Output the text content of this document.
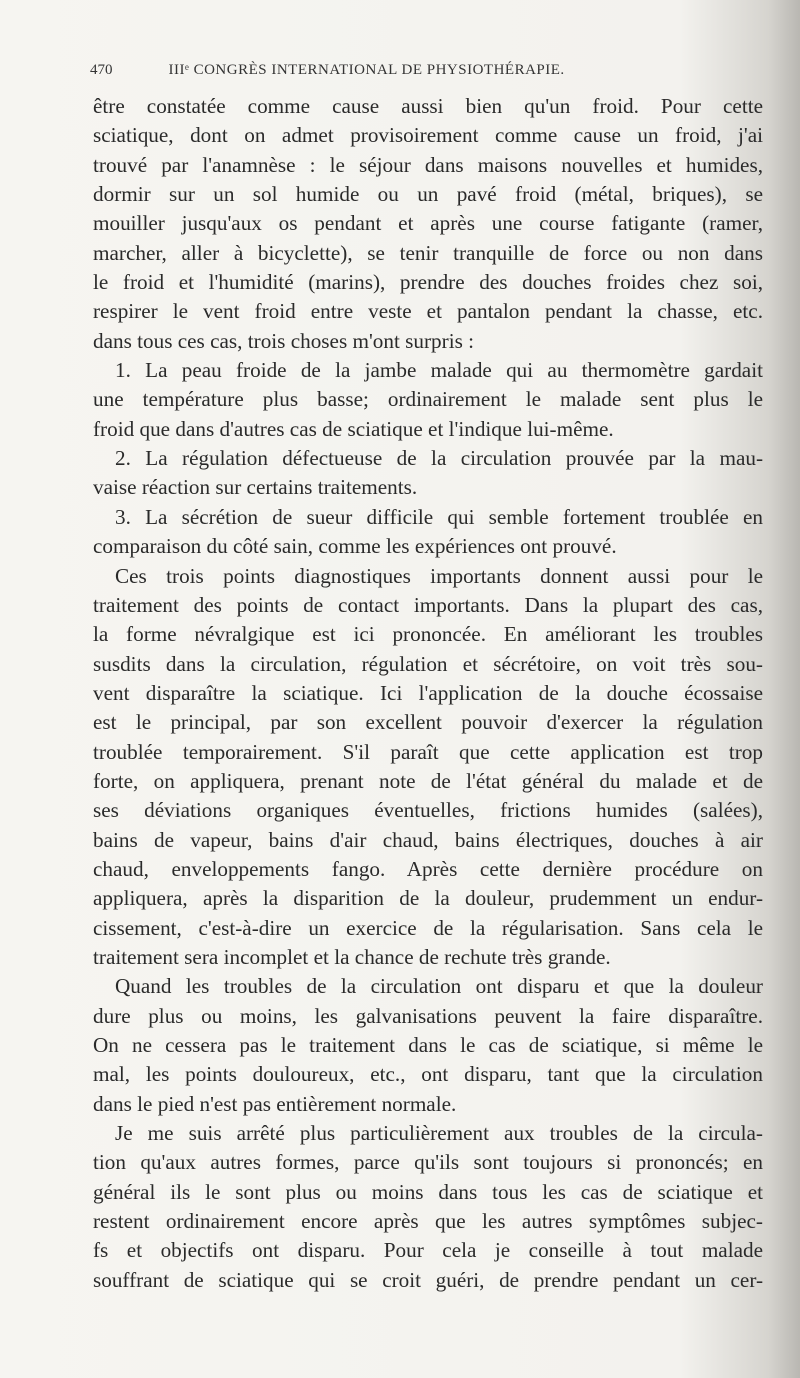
470	IIIᵉ CONGRÈS INTERNATIONAL DE PHYSIOTHÉRAPIE.
être constatée comme cause aussi bien qu'un froid. Pour cette
sciatique, dont on admet provisoirement comme cause un froid, j'ai
trouvé par l'anamnèse : le séjour dans maisons nouvelles et humides,
dormir sur un sol humide ou un pavé froid (métal, briques), se
mouiller jusqu'aux os pendant et après une course fatigante (ramer,
marcher, aller à bicyclette), se tenir tranquille de force ou non dans
le froid et l'humidité (marins), prendre des douches froides chez soi,
respirer le vent froid entre veste et pantalon pendant la chasse, etc.
dans tous ces cas, trois choses m'ont surpris :
1. La peau froide de la jambe malade qui au thermomètre gardait
une température plus basse; ordinairement le malade sent plus le
froid que dans d'autres cas de sciatique et l'indique lui-même.
2. La régulation défectueuse de la circulation prouvée par la mau-
vaise réaction sur certains traitements.
3. La sécrétion de sueur difficile qui semble fortement troublée en
comparaison du côté sain, comme les expériences ont prouvé.
Ces trois points diagnostiques importants donnent aussi pour le
traitement des points de contact importants. Dans la plupart des cas,
la forme névralgique est ici prononcée. En améliorant les troubles
susdits dans la circulation, régulation et sécrétoire, on voit très sou-
vent disparaître la sciatique. Ici l'application de la douche écossaise
est le principal, par son excellent pouvoir d'exercer la régulation
troublée temporairement. S'il paraît que cette application est trop
forte, on appliquera, prenant note de l'état général du malade et de
ses déviations organiques éventuelles, frictions humides (salées),
bains de vapeur, bains d'air chaud, bains électriques, douches à air
chaud, enveloppements fango. Après cette dernière procédure on
appliquera, après la disparition de la douleur, prudemment un endur-
cissement, c'est-à-dire un exercice de la régularisation. Sans cela le
traitement sera incomplet et la chance de rechute très grande.
Quand les troubles de la circulation ont disparu et que la douleur
dure plus ou moins, les galvanisations peuvent la faire disparaître.
On ne cessera pas le traitement dans le cas de sciatique, si même le
mal, les points douloureux, etc., ont disparu, tant que la circulation
dans le pied n'est pas entièrement normale.
Je me suis arrêté plus particulièrement aux troubles de la circula-
tion qu'aux autres formes, parce qu'ils sont toujours si prononcés; en
général ils le sont plus ou moins dans tous les cas de sciatique et
restent ordinairement encore après que les autres symptômes subjec-
fs et objectifs ont disparu. Pour cela je conseille à tout malade
souffrant de sciatique qui se croit guéri, de prendre pendant un cer-
